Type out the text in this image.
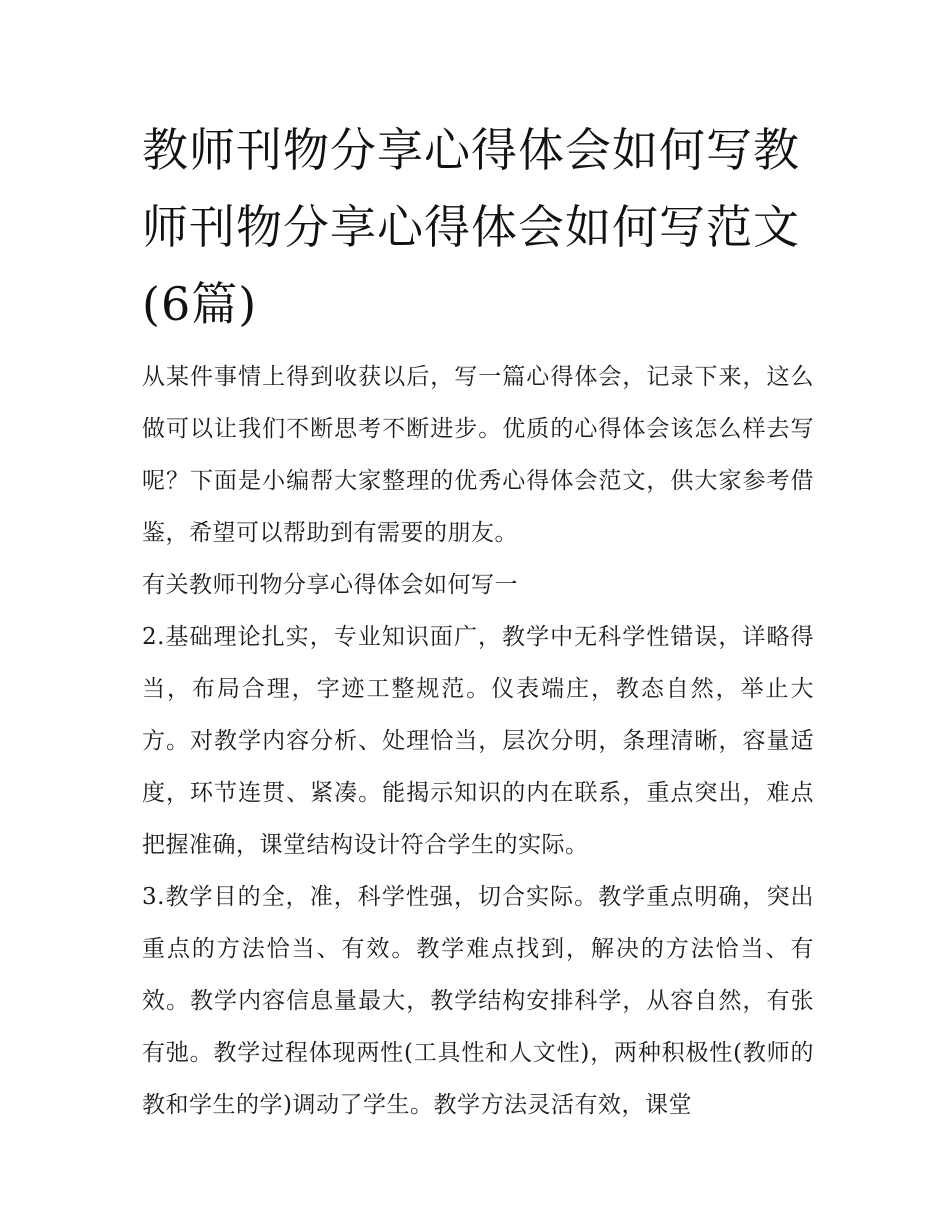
教师刊物分享心得体会如何写教师刊物分享心得体会如何写范文(6篇)

从某件事情上得到收获以后，写一篇心得体会，记录下来，这么做可以让我们不断思考不断进步。优质的心得体会该怎么样去写呢？下面是小编帮大家整理的优秀心得体会范文，供大家参考借鉴，希望可以帮助到有需要的朋友。

有关教师刊物分享心得体会如何写一

2.基础理论扎实，专业知识面广，教学中无科学性错误，详略得当，布局合理，字迹工整规范。仪表端庄，教态自然，举止大方。对教学内容分析、处理恰当，层次分明，条理清晰，容量适度，环节连贯、紧凑。能揭示知识的内在联系，重点突出，难点把握准确，课堂结构设计符合学生的实际。

3.教学目的全，准，科学性强，切合实际。教学重点明确，突出重点的方法恰当、有效。教学难点找到，解决的方法恰当、有效。教学内容信息量最大，教学结构安排科学，从容自然，有张有弛。教学过程体现两性(工具性和人文性)，两种积极性(教师的教和学生的学)调动了学生。教学方法灵活有效，课堂
